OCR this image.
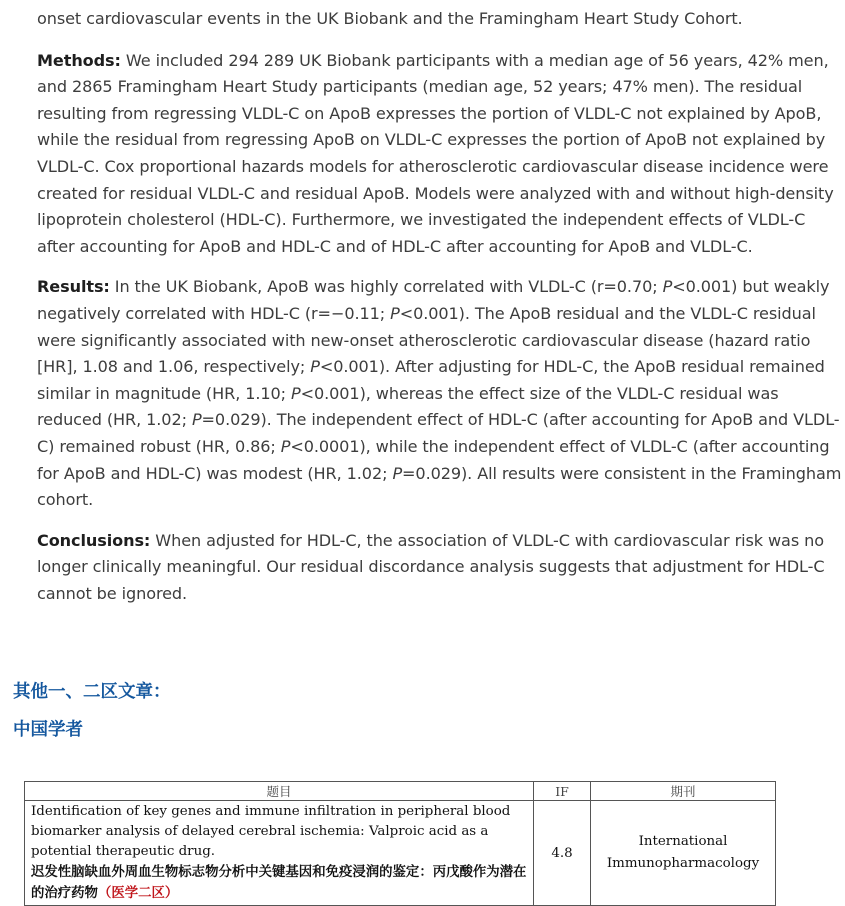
onset cardiovascular events in the UK Biobank and the Framingham Heart Study Cohort.

Methods: We included 294 289 UK Biobank participants with a median age of 56 years, 42% men, and 2865 Framingham Heart Study participants (median age, 52 years; 47% men). The residual resulting from regressing VLDL-C on ApoB expresses the portion of VLDL-C not explained by ApoB, while the residual from regressing ApoB on VLDL-C expresses the portion of ApoB not explained by VLDL-C. Cox proportional hazards models for atherosclerotic cardiovascular disease incidence were created for residual VLDL-C and residual ApoB. Models were analyzed with and without high-density lipoprotein cholesterol (HDL-C). Furthermore, we investigated the independent effects of VLDL-C after accounting for ApoB and HDL-C and of HDL-C after accounting for ApoB and VLDL-C.

Results: In the UK Biobank, ApoB was highly correlated with VLDL-C (r=0.70; P<0.001) but weakly negatively correlated with HDL-C (r=−0.11; P<0.001). The ApoB residual and the VLDL-C residual were significantly associated with new-onset atherosclerotic cardiovascular disease (hazard ratio [HR], 1.08 and 1.06, respectively; P<0.001). After adjusting for HDL-C, the ApoB residual remained similar in magnitude (HR, 1.10; P<0.001), whereas the effect size of the VLDL-C residual was reduced (HR, 1.02; P=0.029). The independent effect of HDL-C (after accounting for ApoB and VLDL-C) remained robust (HR, 0.86; P<0.0001), while the independent effect of VLDL-C (after accounting for ApoB and HDL-C) was modest (HR, 1.02; P=0.029). All results were consistent in the Framingham cohort.

Conclusions: When adjusted for HDL-C, the association of VLDL-C with cardiovascular risk was no longer clinically meaningful. Our residual discordance analysis suggests that adjustment for HDL-C cannot be ignored.

其他一、二区文章：
中国学者
题目	IF	期刊
Identification of key genes and immune infiltration in peripheral blood biomarker analysis of delayed cerebral ischemia: Valproic acid as a potential therapeutic drug.
迟发性脑缺血外周血生物标志物分析中关键基因和免疫浸润的鉴定：丙戊酸作为潜在的治疗药物（医学二区）	4.8	International Immunopharmacology
